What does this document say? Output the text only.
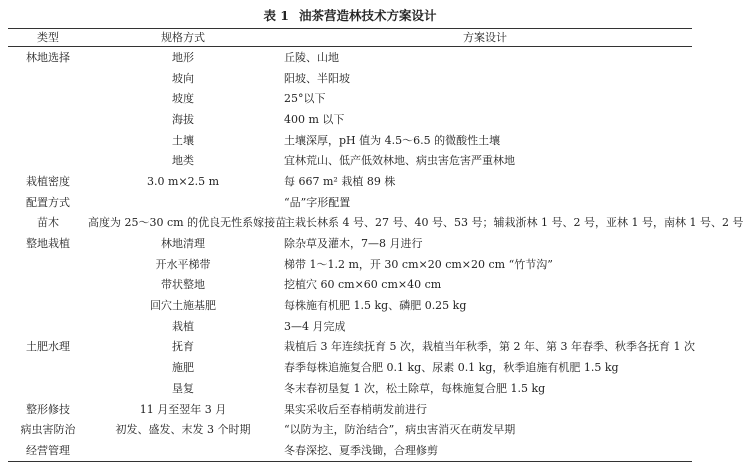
表 1 油茶营造林技术方案设计
类型	规格方式	方案设计
林地选择	地形	丘陵、山地
	坡向	阳坡、半阳坡
	坡度	25°以下
	海拔	400 m 以下
	土壤	土壤深厚，pH 值为 4.5～6.5 的微酸性土壤
	地类	宜林荒山、低产低效林地、病虫害危害严重林地
栽植密度	3.0 m×2.5 m	每 667 m² 栽植 89 株
配置方式		“品”字形配置
苗木	高度为 25～30 cm 的优良无性系嫁接苗	主栽长林系 4 号、27 号、40 号、53 号；辅栽浙林 1 号、2 号，亚林 1 号，南林 1 号、2 号
整地栽植	林地清理	除杂草及灌木，7—8 月进行
	开水平梯带	梯带 1～1.2 m，开 30 cm×20 cm×20 cm “竹节沟”
	带状整地	挖植穴 60 cm×60 cm×40 cm
	回穴土施基肥	每株施有机肥 1.5 kg、磷肥 0.25 kg
	栽植	3—4 月完成
土肥水理	抚育	栽植后 3 年连续抚育 5 次，栽植当年秋季，第 2 年、第 3 年春季、秋季各抚育 1 次
	施肥	春季每株追施复合肥 0.1 kg、尿素 0.1 kg，秋季追施有机肥 1.5 kg
	垦复	冬末春初垦复 1 次，松土除草，每株施复合肥 1.5 kg
整形修技	11 月至翌年 3 月	果实采收后至春梢萌发前进行
病虫害防治	初发、盛发、末发 3 个时期	“以防为主，防治结合”，病虫害消灭在萌发早期
经营管理		冬春深挖、夏季浅锄，合理修剪
